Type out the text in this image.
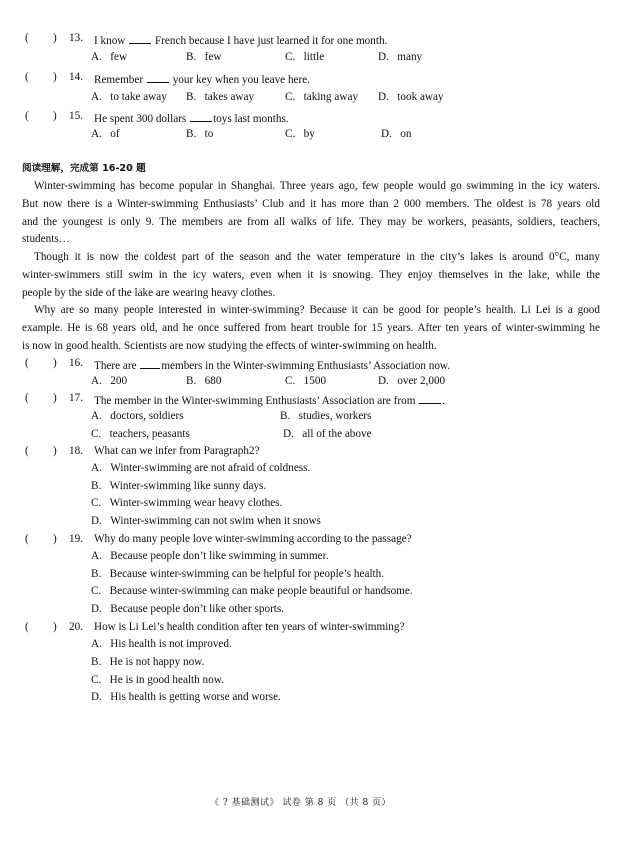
( ) 13. I know	French because I have just learned it for one month.
A. few	B. few	C. little	D. many
( ) 14. Remember	your key when you leave here.
A. to take away B. takes away	C. taking away D. took away
( ) 15. He spent 300 dollars toys last months.
A. of	B. to	C. by	D. on
阅读理解，完成第 16-20 题
Winter-swimming has become popular in Shanghai. Three years ago, few people would go swimming in the icy waters.
But now there is a Winter-swimming Enthusiasts’ Club and it has more than 2 000 members. The oldest is 78 years old
and the youngest is only 9. The members are from all walks of life. They may be workers, peasants, soldiers, teachers,
students…
Though it is now the coldest part of the season and the water temperature in the city’s lakes is around 0°C, many
winter-swimmers still swim in the icy waters, even when it is snowing. They enjoy themselves in the lake, while the
people by the side of the lake are wearing heavy clothes.
Why are so many people interested in winter-swimming? Because it can be good for people’s health. Li Lei is a good
example. He is 68 years old, and he once suffered from heart trouble for 15 years. After ten years of winter-swimming he
is now in good health. Scientists are now studying the effects of winter-swimming on health.
( ) 16. There are members in the Winter-swimming Enthusiasts’ Association now.
A. 200	B. 680	C. 1500	D. over 2,000
( ) 17. The member in the Winter-swimming Enthusiasts’ Association are from .
A. doctors, soldiers	B. studies, workers
C. teachers, peasants	D. all of the above
( ) 18. What can we infer from Paragraph2?
A. Winter-swimming are not afraid of coldness.
B. Winter-swimming like sunny days.
C. Winter-swimming wear heavy clothes.
D. Winter-swimming can not swim when it snows
( ) 19. Why do many people love winter-swimming according to the passage?
A. Because people don’t like swimming in summer.
B. Because winter-swimming can be helpful for people’s health.
C. Because winter-swimming can make people beautiful or handsome.
D. Because people don’t like other sports.
( ) 20. How is Li Lei’s health condition after ten years of winter-swimming?
A. His health is not improved.
B. He is not happy now.
C. He is in good health now.
D. His health is getting worse and worse.
《 ? 基础测试》 试卷 第 8 页 （共 8 页）
